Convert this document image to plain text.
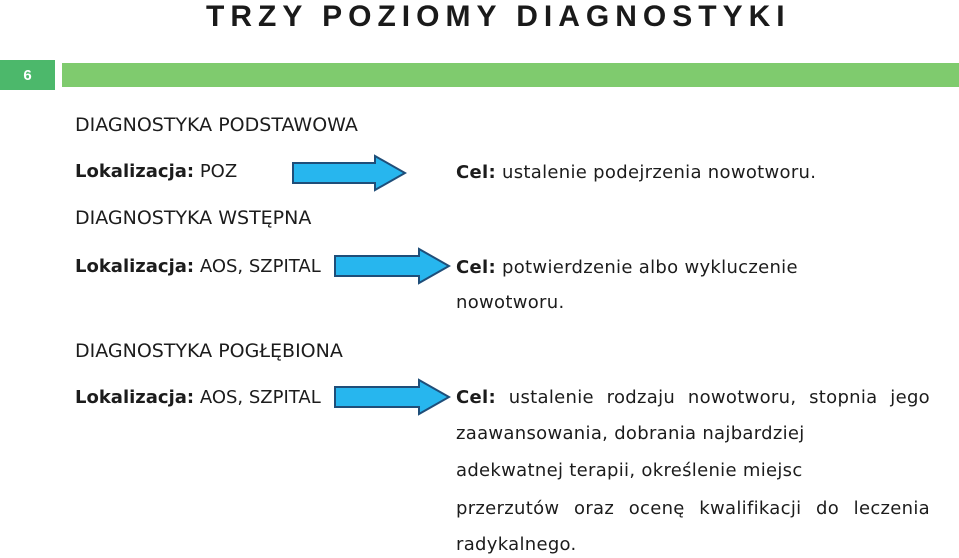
TRZY POZIOMY DIAGNOSTYKI
6
DIAGNOSTYKA PODSTAWOWA
Lokalizacja: POZ	Cel: ustalenie podejrzenia nowotworu.
DIAGNOSTYKA WSTĘPNA
Lokalizacja: AOS, SZPITAL	Cel: potwierdzenie albo wykluczenie
nowotworu.
DIAGNOSTYKA POGŁĘBIONA
Lokalizacja: AOS, SZPITAL	Cel: ustalenie rodzaju nowotworu, stopnia jego
zaawansowania, dobrania najbardziej
adekwatnej terapii, określenie miejsc
przerzutów oraz ocenę kwalifikacji do leczenia
radykalnego.
